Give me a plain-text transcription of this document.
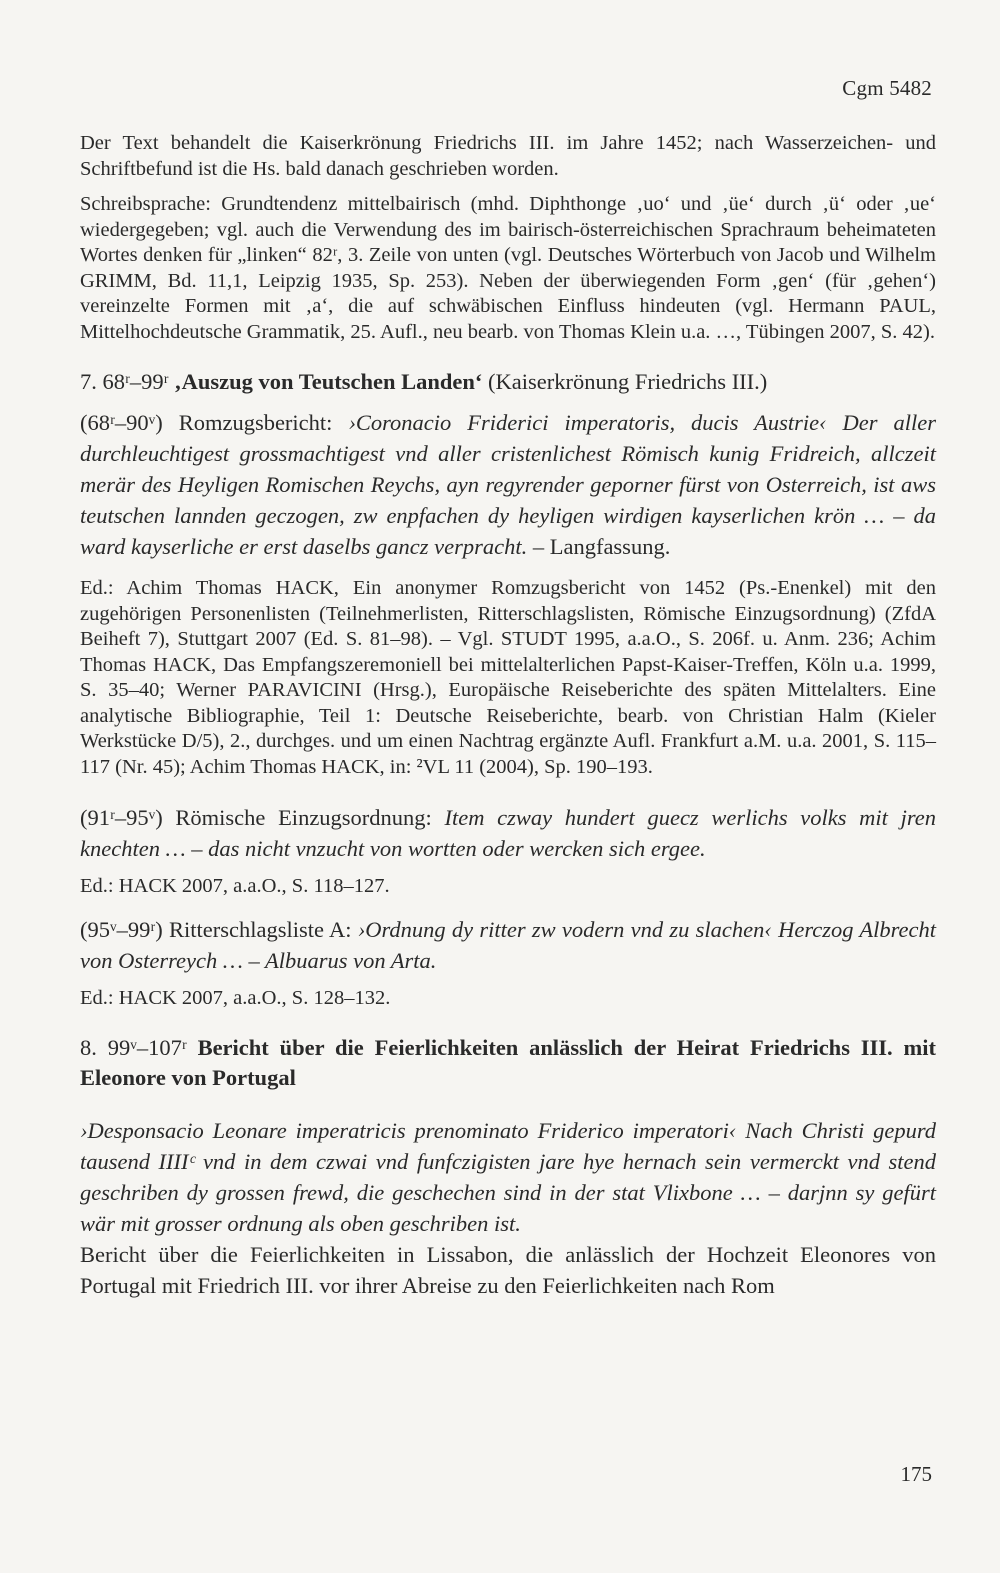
Cgm 5482

Der Text behandelt die Kaiserkrönung Friedrichs III. im Jahre 1452; nach Wasserzeichen- und Schriftbefund ist die Hs. bald danach geschrieben worden.

Schreibsprache: Grundtendenz mittelbairisch (mhd. Diphthonge ‚uo‘ und ‚üe‘ durch ‚ü‘ oder ‚ue‘ wiedergegeben; vgl. auch die Verwendung des im bairisch-österreichischen Sprachraum beheimateten Wortes denken für „linken“ 82ʳ, 3. Zeile von unten (vgl. Deutsches Wörterbuch von Jacob und Wilhelm GRIMM, Bd. 11,1, Leipzig 1935, Sp. 253). Neben der überwiegenden Form ‚gen‘ (für ‚gehen‘) vereinzelte Formen mit ‚a‘, die auf schwäbischen Einfluss hindeuten (vgl. Hermann PAUL, Mittelhochdeutsche Grammatik, 25. Aufl., neu bearb. von Thomas Klein u.a. …, Tübingen 2007, S. 42).

7. 68ʳ–99ʳ ‚Auszug von Teutschen Landen‘ (Kaiserkrönung Friedrichs III.)

(68ʳ–90ᵛ) Romzugsbericht: ›Coronacio Friderici imperatoris, ducis Austrie‹ Der aller durchleuchtigest grossmachtigest vnd aller cristenlichest Römisch kunig Fridreich, allczeit merär des Heyligen Romischen Reychs, ayn regyrender geporner fürst von Osterreich, ist aws teutschen lannden geczogen, zw enpfachen dy heyligen wirdigen kayserlichen krön … – da ward kayserliche er erst daselbs gancz verpracht. – Langfassung.

Ed.: Achim Thomas HACK, Ein anonymer Romzugsbericht von 1452 (Ps.-Enenkel) mit den zugehörigen Personenlisten (Teilnehmerlisten, Ritterschlagslisten, Römische Einzugsordnung) (ZfdA Beiheft 7), Stuttgart 2007 (Ed. S. 81–98). – Vgl. STUDT 1995, a.a.O., S. 206f. u. Anm. 236; Achim Thomas HACK, Das Empfangszeremoniell bei mittelalterlichen Papst-Kaiser-Treffen, Köln u.a. 1999, S. 35–40; Werner PARAVICINI (Hrsg.), Europäische Reiseberichte des späten Mittelalters. Eine analytische Bibliographie, Teil 1: Deutsche Reiseberichte, bearb. von Christian Halm (Kieler Werkstücke D/5), 2., durchges. und um einen Nachtrag ergänzte Aufl. Frankfurt a.M. u.a. 2001, S. 115–117 (Nr. 45); Achim Thomas HACK, in: ²VL 11 (2004), Sp. 190–193.

(91ʳ–95ᵛ) Römische Einzugsordnung: Item czway hundert guecz werlichs volks mit jren knechten … – das nicht vnzucht von wortten oder wercken sich ergee.

Ed.: HACK 2007, a.a.O., S. 118–127.

(95ᵛ–99ʳ) Ritterschlagsliste A: ›Ordnung dy ritter zw vodern vnd zu slachen‹ Herczog Albrecht von Osterreych … – Albuarus von Arta.

Ed.: HACK 2007, a.a.O., S. 128–132.

8. 99ᵛ–107ʳ Bericht über die Feierlichkeiten anlässlich der Heirat Friedrichs III. mit Eleonore von Portugal

›Desponsacio Leonare imperatricis prenominato Friderico imperatori‹ Nach Christi gepurd tausend IIIIᶜ vnd in dem czwai vnd funfczigisten jare hye hernach sein vermerckt vnd stend geschriben dy grossen frewd, die geschechen sind in der stat Vlixbone … – darjnn sy gefürt wär mit grosser ordnung als oben geschriben ist.

Bericht über die Feierlichkeiten in Lissabon, die anlässlich der Hochzeit Eleonores von Portugal mit Friedrich III. vor ihrer Abreise zu den Feierlichkeiten nach Rom

175
